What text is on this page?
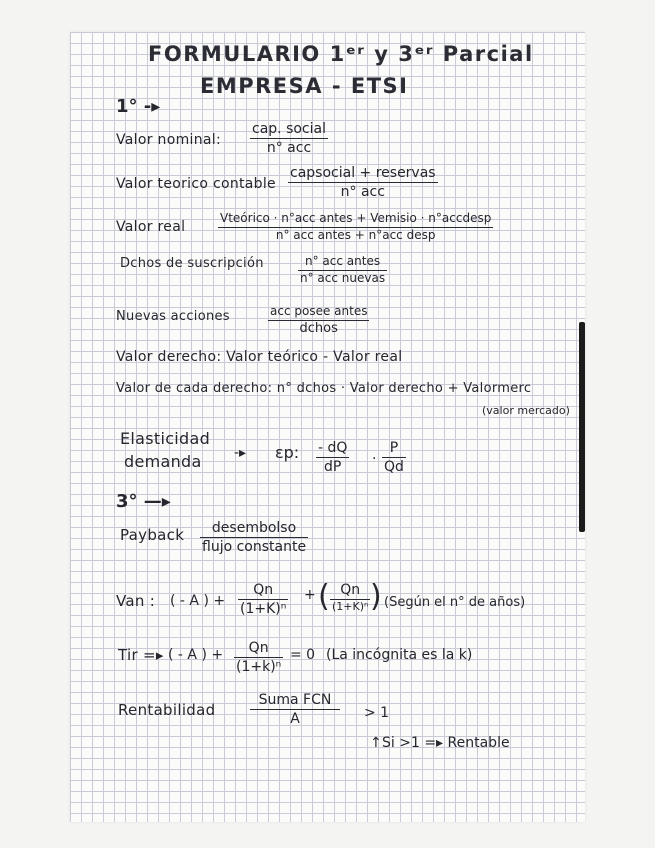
FORMULARIO 1ᵉʳ y 3ᵉʳ Parcial
EMPRESA - ETSI
1° -▸
Valor nominal:
cap. social
n° acc
Valor teorico contable
capsocial + reservas
n° acc
Valor real
Vteórico · n°acc antes + Vemisio · n°accdesp
n° acc antes + n°acc desp
Dchos de suscripción	n° acc antes
n° acc nuevas
Nuevas acciones	acc posee antes
dchos
Valor derecho: Valor teórico - Valor real
Valor de cada derecho: n° dchos · Valor derecho + Valormerc
(valor mercado)
Elasticidad
demanda -▸ εp: - dQ
dP
·
P
Qd
3° —▸
Payback desembolso
flujo constante
Van : ( - A ) +
Qn
(1+K)ⁿ
+ ( Qn
(1+K)ⁿ ) (Según el n° de años)
Tir =▸ ( - A ) + Qn
(1+k)ⁿ
= 0 (La incógnita es la k)
Rentabilidad
Suma FCN
A	> 1
↑ Si >1 =▸ Rentable
